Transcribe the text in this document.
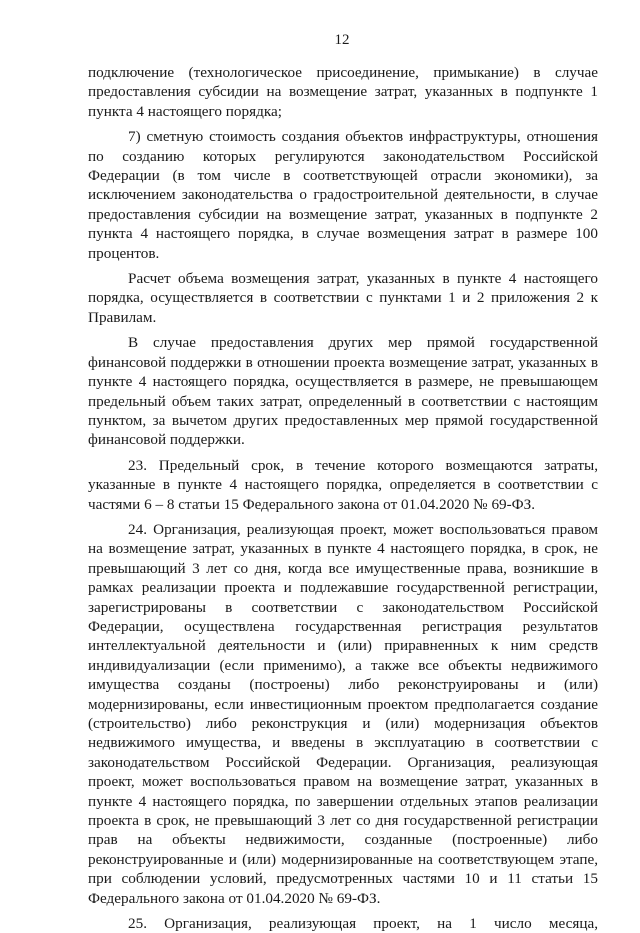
12

подключение (технологическое присоединение, примыкание) в случае предоставления субсидии на возмещение затрат, указанных в подпункте 1 пункта 4 настоящего порядка;

7) сметную стоимость создания объектов инфраструктуры, отношения по созданию которых регулируются законодательством Российской Федерации (в том числе в соответствующей отрасли экономики), за исключением законодательства о градостроительной деятельности, в случае предоставления субсидии на возмещение затрат, указанных в подпункте 2 пункта 4 настоящего порядка, в случае возмещения затрат в размере 100 процентов.

Расчет объема возмещения затрат, указанных в пункте 4 настоящего порядка, осуществляется в соответствии с пунктами 1 и 2 приложения 2 к Правилам.

В случае предоставления других мер прямой государственной финансовой поддержки в отношении проекта возмещение затрат, указанных в пункте 4 настоящего порядка, осуществляется в размере, не превышающем предельный объем таких затрат, определенный в соответствии с настоящим пунктом, за вычетом других предоставленных мер прямой государственной финансовой поддержки.

23. Предельный срок, в течение которого возмещаются затраты, указанные в пункте 4 настоящего порядка, определяется в соответствии с частями 6 – 8 статьи 15 Федерального закона от 01.04.2020 № 69-ФЗ.

24. Организация, реализующая проект, может воспользоваться правом на возмещение затрат, указанных в пункте 4 настоящего порядка, в срок, не превышающий 3 лет со дня, когда все имущественные права, возникшие в рамках реализации проекта и подлежавшие государственной регистрации, зарегистрированы в соответствии с законодательством Российской Федерации, осуществлена государственная регистрация результатов интеллектуальной деятельности и (или) приравненных к ним средств индивидуализации (если применимо), а также все объекты недвижимого имущества созданы (построены) либо реконструированы и (или) модернизированы, если инвестиционным проектом предполагается создание (строительство) либо реконструкция и (или) модернизация объектов недвижимого имущества, и введены в эксплуатацию в соответствии с законодательством Российской Федерации. Организация, реализующая проект, может воспользоваться правом на возмещение затрат, указанных в пункте 4 настоящего порядка, по завершении отдельных этапов реализации проекта в срок, не превышающий 3 лет со дня государственной регистрации прав на объекты недвижимости, созданные (построенные) либо реконструированные и (или) модернизированные на соответствующем этапе, при соблюдении условий, предусмотренных частями 10 и 11 статьи 15 Федерального закона от 01.04.2020 № 69-ФЗ.

25. Организация, реализующая проект, на 1 число месяца,
